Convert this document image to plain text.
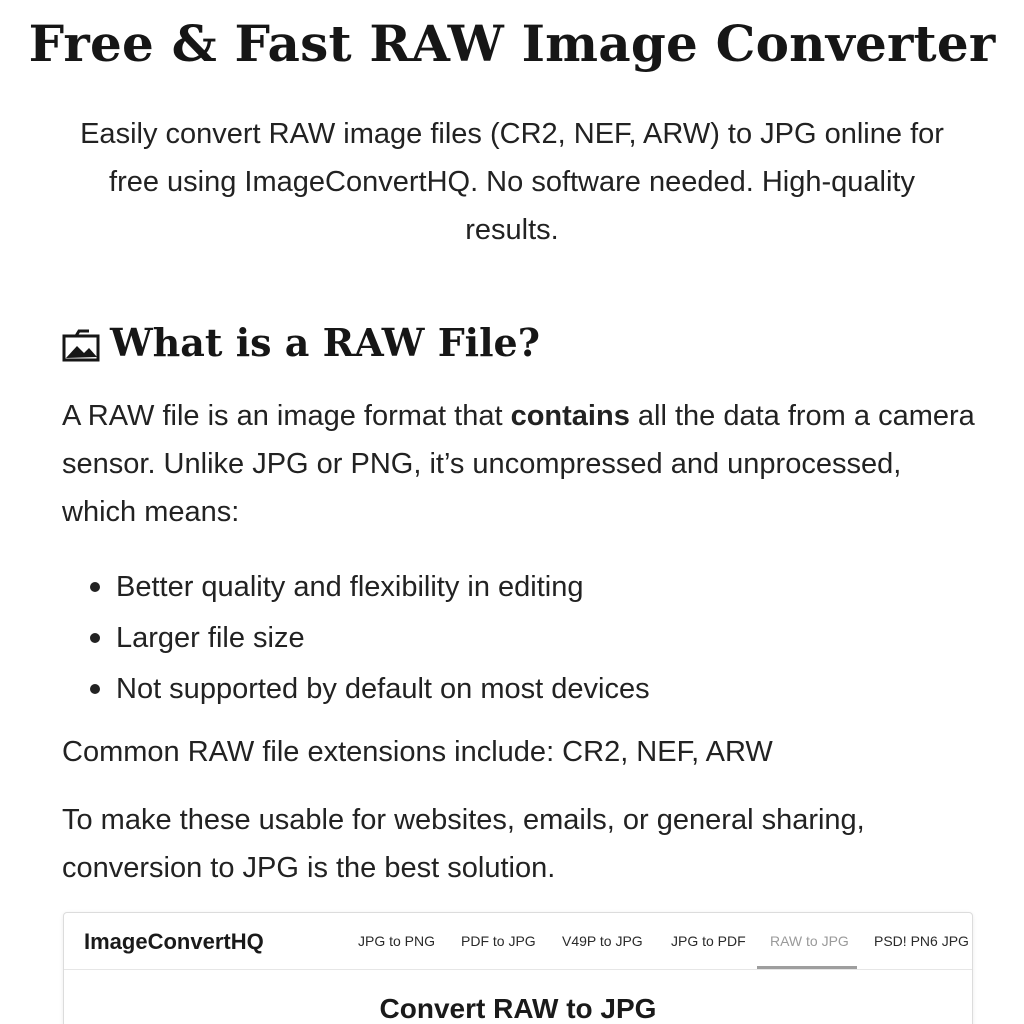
Free & Fast RAW Image Converter

Easily convert RAW image files (CR2, NEF, ARW) to JPG online for free using ImageConvertHQ. No software needed. High-quality results.

What is a RAW File?

A RAW file is an image format that contains all the data from a camera sensor. Unlike JPG or PNG, it’s uncompressed and unprocessed, which means:

Better quality and flexibility in editing
Larger file size
Not supported by default on most devices

Common RAW file extensions include: CR2, NEF, ARW

To make these usable for websites, emails, or general sharing, conversion to JPG is the best solution.

ImageConvertHQ	JPG to PNG PDF to JPG V49P to JPG JPG to PDF RAW to JPG PSD! PN6 JPG
Convert RAW to JPG
